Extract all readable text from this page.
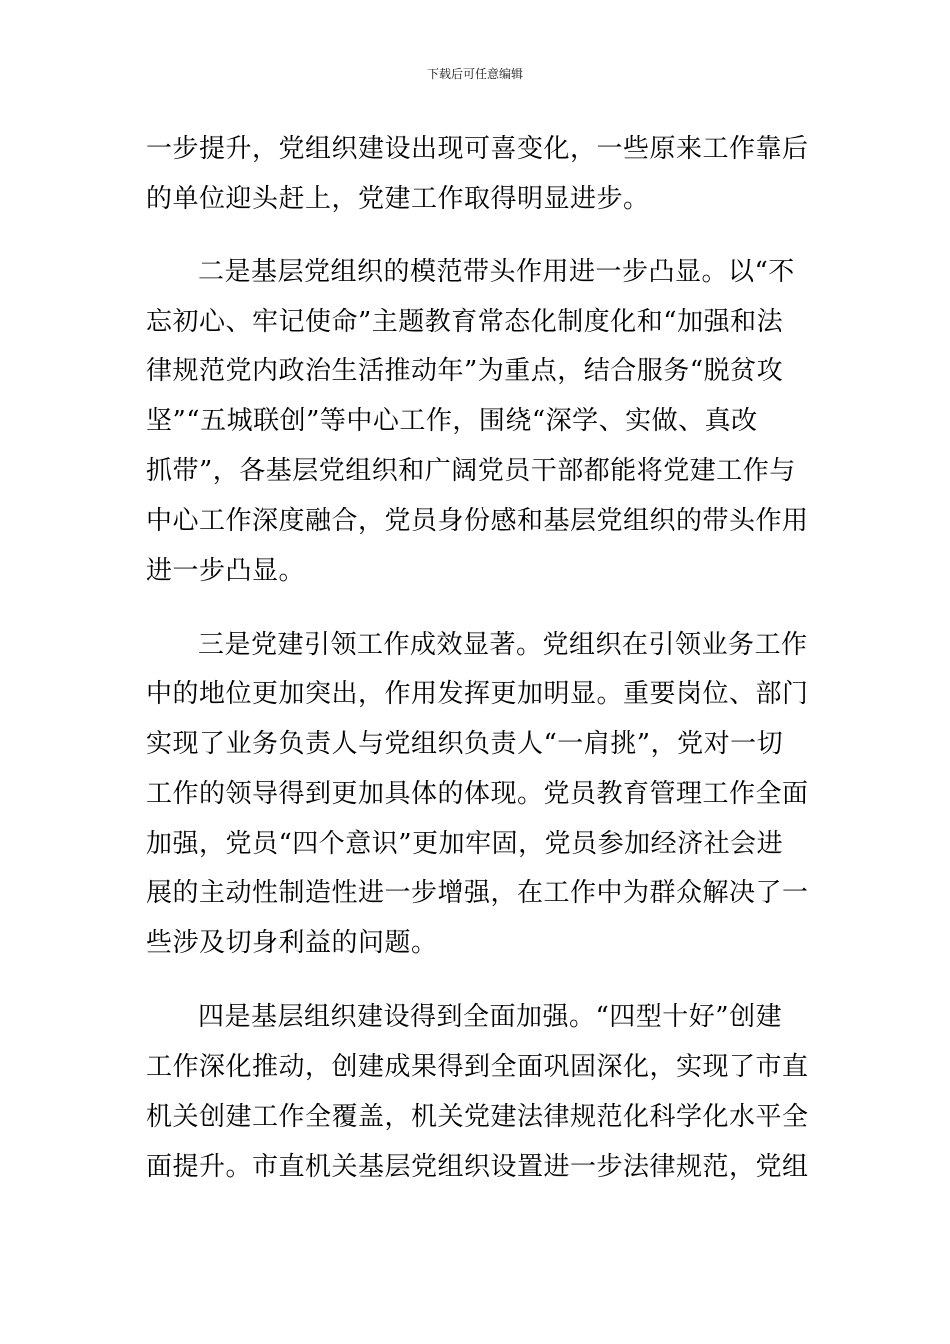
下载后可任意编辑
一步提升，党组织建设出现可喜变化，一些原来工作靠后
的单位迎头赶上，党建工作取得明显进步。
二是基层党组织的模范带头作用进一步凸显。以“不
忘初心、牢记使命”主题教育常态化制度化和“加强和法
律规范党内政治生活推动年”为重点，结合服务“脱贫攻
坚”“五城联创”等中心工作，围绕“深学、实做、真改
抓带”，各基层党组织和广阔党员干部都能将党建工作与
中心工作深度融合，党员身份感和基层党组织的带头作用
进一步凸显。
三是党建引领工作成效显著。党组织在引领业务工作
中的地位更加突出，作用发挥更加明显。重要岗位、部门
实现了业务负责人与党组织负责人“一肩挑”，党对一切
工作的领导得到更加具体的体现。党员教育管理工作全面
加强，党员“四个意识”更加牢固，党员参加经济社会进
展的主动性制造性进一步增强，在工作中为群众解决了一
些涉及切身利益的问题。
四是基层组织建设得到全面加强。“四型十好”创建
工作深化推动，创建成果得到全面巩固深化，实现了市直
机关创建工作全覆盖，机关党建法律规范化科学化水平全
面提升。市直机关基层党组织设置进一步法律规范，党组
